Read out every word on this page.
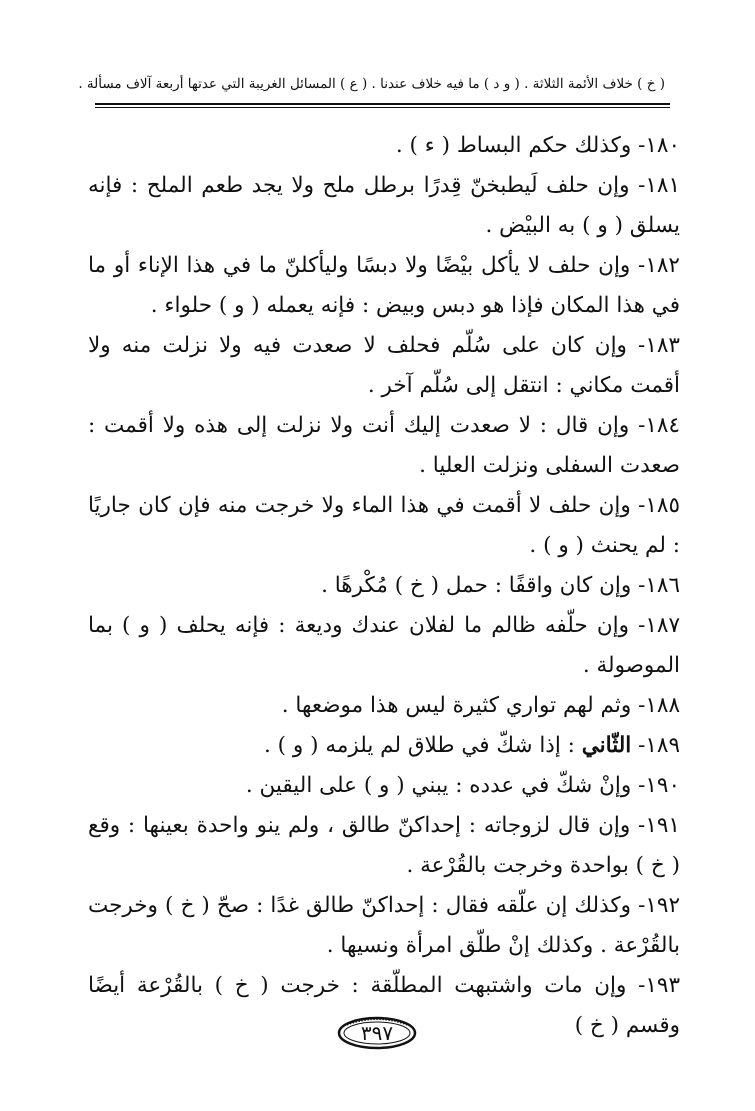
( خ ) خلاف الأئمة الثلاثة . ( و د ) ما فيه خلاف عندنا . ( ع ) المسائل الغريبة التي عدتها أربعة آلاف مسألة .
١٨٠- وكذلك حكم البساط ( ء ) .
١٨١- وإن حلف لَيطبخنّ قِدرًا برطل ملح ولا يجد طعم الملح : فإنه يسلق ( و ) به البيْض .
١٨٢- وإن حلف لا يأكل بيْضًا ولا دبسًا وليأكلنّ ما في هذا الإناء أو ما في هذا المكان فإذا هو دبس وبيض : فإنه يعمله ( و ) حلواء .
١٨٣- وإن كان على سُلّم فحلف لا صعدت فيه ولا نزلت منه ولا أقمت مكاني : انتقل إلى سُلّم آخر .
١٨٤- وإن قال : لا صعدت إليك أنت ولا نزلت إلى هذه ولا أقمت : صعدت السفلى ونزلت العليا .
١٨٥- وإن حلف لا أقمت في هذا الماء ولا خرجت منه فإن كان جاريًا : لم يحنث ( و ) .
١٨٦- وإن كان واقفًا : حمل ( خ ) مُكْرهًا .
١٨٧- وإن حلّفه ظالم ما لفلان عندك وديعة : فإنه يحلف ( و ) بما الموصولة .
١٨٨- وثم لهم تواري كثيرة ليس هذا موضعها .
١٨٩- الثّاني : إذا شكّ في طلاق لم يلزمه ( و ) .
١٩٠- وإنْ شكّ في عدده : يبني ( و ) على اليقين .
١٩١- وإن قال لزوجاته : إحداكنّ طالق ، ولم ينو واحدة بعينها : وقع ( خ ) بواحدة وخرجت بالقُرْعة .
١٩٢- وكذلك إن علّقه فقال : إحداكنّ طالق غدًا : صحّ ( خ ) وخرجت بالقُرْعة . وكذلك إنْ طلّق امرأة ونسيها .
١٩٣- وإن مات واشتبهت المطلّقة : خرجت ( خ ) بالقُرْعة أيضًا وقسم ( خ )
٣٩٧
